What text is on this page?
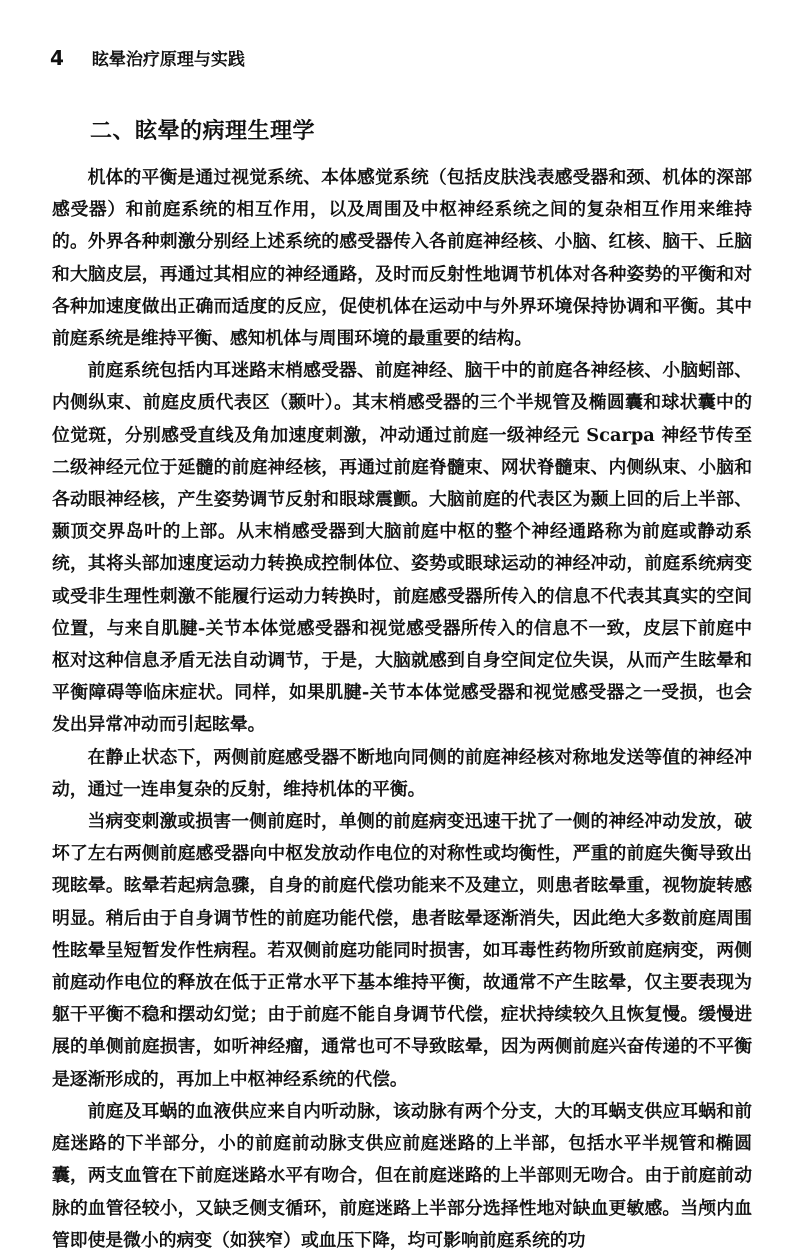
4 眩晕治疗原理与实践
二、眩晕的病理生理学

机体的平衡是通过视觉系统、本体感觉系统（包括皮肤浅表感受器和颈、机体的深部感受器）和前庭系统的相互作用，以及周围及中枢神经系统之间的复杂相互作用来维持的。外界各种刺激分别经上述系统的感受器传入各前庭神经核、小脑、红核、脑干、丘脑和大脑皮层，再通过其相应的神经通路，及时而反射性地调节机体对各种姿势的平衡和对各种加速度做出正确而适度的反应，促使机体在运动中与外界环境保持协调和平衡。其中前庭系统是维持平衡、感知机体与周围环境的最重要的结构。

前庭系统包括内耳迷路末梢感受器、前庭神经、脑干中的前庭各神经核、小脑蚓部、内侧纵束、前庭皮质代表区（颞叶）。其末梢感受器的三个半规管及椭圆囊和球状囊中的位觉斑，分别感受直线及角加速度刺激，冲动通过前庭一级神经元 Scarpa 神经节传至二级神经元位于延髓的前庭神经核，再通过前庭脊髓束、网状脊髓束、内侧纵束、小脑和各动眼神经核，产生姿势调节反射和眼球震颤。大脑前庭的代表区为颞上回的后上半部、颞顶交界岛叶的上部。从末梢感受器到大脑前庭中枢的整个神经通路称为前庭或静动系统，其将头部加速度运动力转换成控制体位、姿势或眼球运动的神经冲动，前庭系统病变或受非生理性刺激不能履行运动力转换时，前庭感受器所传入的信息不代表其真实的空间位置，与来自肌腱-关节本体觉感受器和视觉感受器所传入的信息不一致，皮层下前庭中枢对这种信息矛盾无法自动调节，于是，大脑就感到自身空间定位失误，从而产生眩晕和平衡障碍等临床症状。同样，如果肌腱-关节本体觉感受器和视觉感受器之一受损，也会发出异常冲动而引起眩晕。

在静止状态下，两侧前庭感受器不断地向同侧的前庭神经核对称地发送等值的神经冲动，通过一连串复杂的反射，维持机体的平衡。

当病变刺激或损害一侧前庭时，单侧的前庭病变迅速干扰了一侧的神经冲动发放，破坏了左右两侧前庭感受器向中枢发放动作电位的对称性或均衡性，严重的前庭失衡导致出现眩晕。眩晕若起病急骤，自身的前庭代偿功能来不及建立，则患者眩晕重，视物旋转感明显。稍后由于自身调节性的前庭功能代偿，患者眩晕逐渐消失，因此绝大多数前庭周围性眩晕呈短暂发作性病程。若双侧前庭功能同时损害，如耳毒性药物所致前庭病变，两侧前庭动作电位的释放在低于正常水平下基本维持平衡，故通常不产生眩晕，仅主要表现为躯干平衡不稳和摆动幻觉；由于前庭不能自身调节代偿，症状持续较久且恢复慢。缓慢进展的单侧前庭损害，如听神经瘤，通常也可不导致眩晕，因为两侧前庭兴奋传递的不平衡是逐渐形成的，再加上中枢神经系统的代偿。

前庭及耳蜗的血液供应来自内听动脉，该动脉有两个分支，大的耳蜗支供应耳蜗和前庭迷路的下半部分，小的前庭前动脉支供应前庭迷路的上半部，包括水平半规管和椭圆囊，两支血管在下前庭迷路水平有吻合，但在前庭迷路的上半部则无吻合。由于前庭前动脉的血管径较小，又缺乏侧支循环，前庭迷路上半部分选择性地对缺血更敏感。当颅内血管即使是微小的病变（如狭窄）或血压下降，均可影响前庭系统的功
